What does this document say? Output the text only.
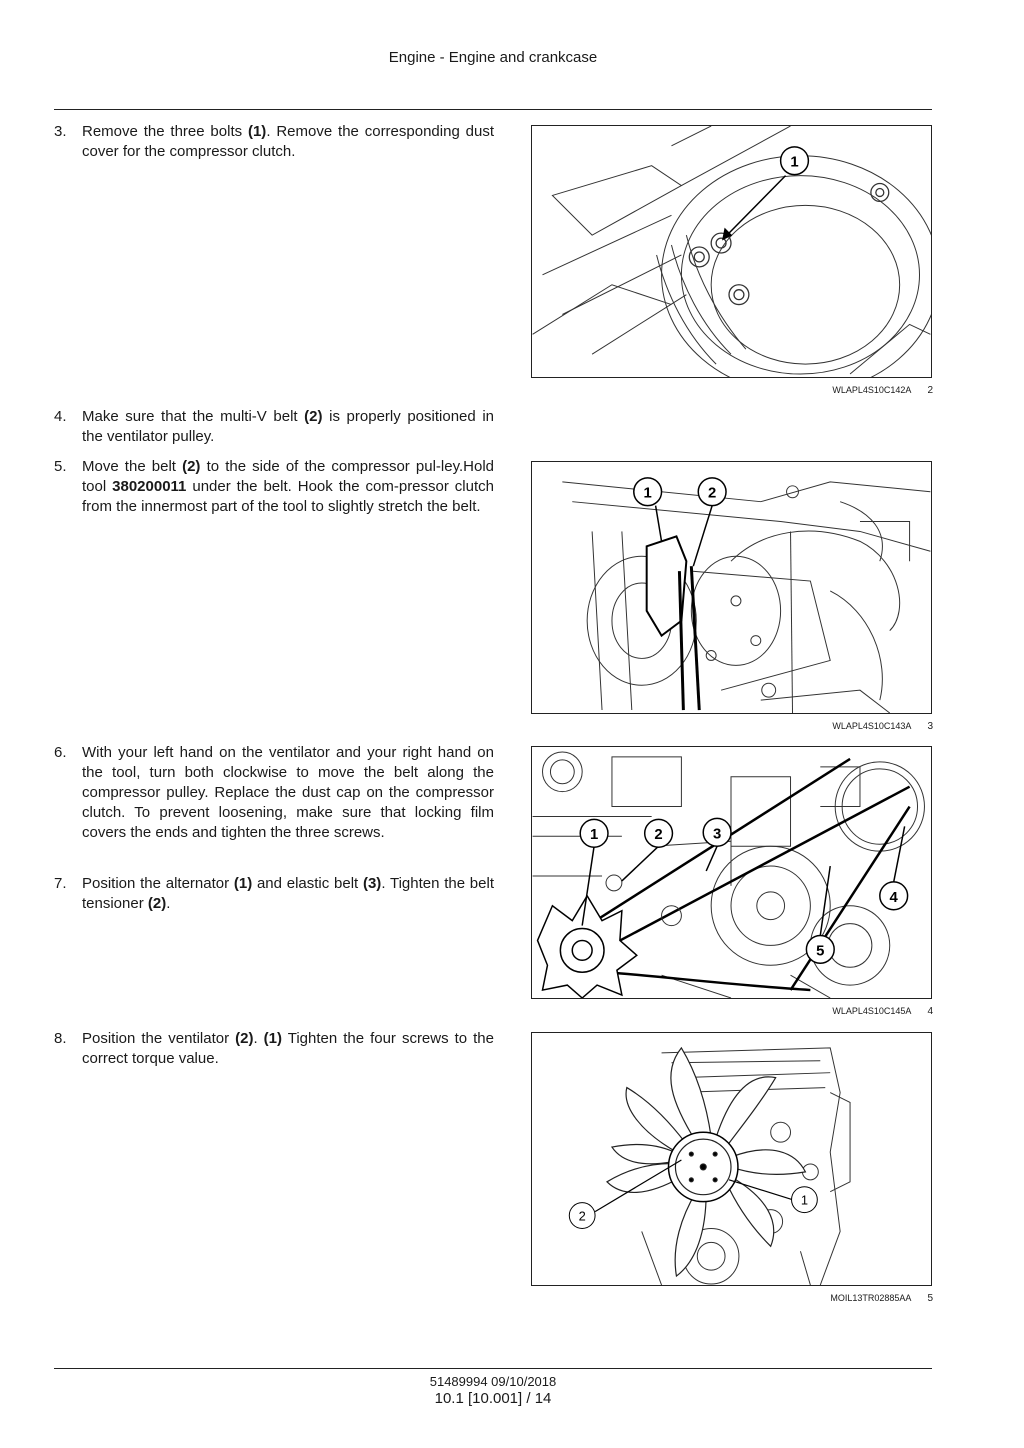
Engine - Engine and crankcase
3.	Remove the three bolts (1). Remove the corresponding dust cover for the compressor clutch.
4.	Make sure that the multi-V belt (2) is properly positioned in the ventilator pulley.
5.	Move the belt (2) to the side of the compressor pul-ley.Hold tool 380200011 under the belt. Hook the com-pressor clutch from the innermost part of the tool to slightly stretch the belt.
6.	With your left hand on the ventilator and your right hand on the tool, turn both clockwise to move the belt along the compressor pulley. Replace the dust cap on the compressor clutch. To prevent loosening, make sure that locking film covers the ends and tighten the three screws.
7.	Position the alternator (1) and elastic belt (3). Tighten the belt tensioner (2).
8.	Position the ventilator (2). (1) Tighten the four screws to the correct torque value.
1
WLAPL4S10C142A 2
1	2
WLAPL4S10C143A 3
1	2	3
4
5
WLAPL4S10C145A 4
1
2
MOIL13TR02885AA 5
51489994 09/10/2018
10.1 [10.001] / 14
